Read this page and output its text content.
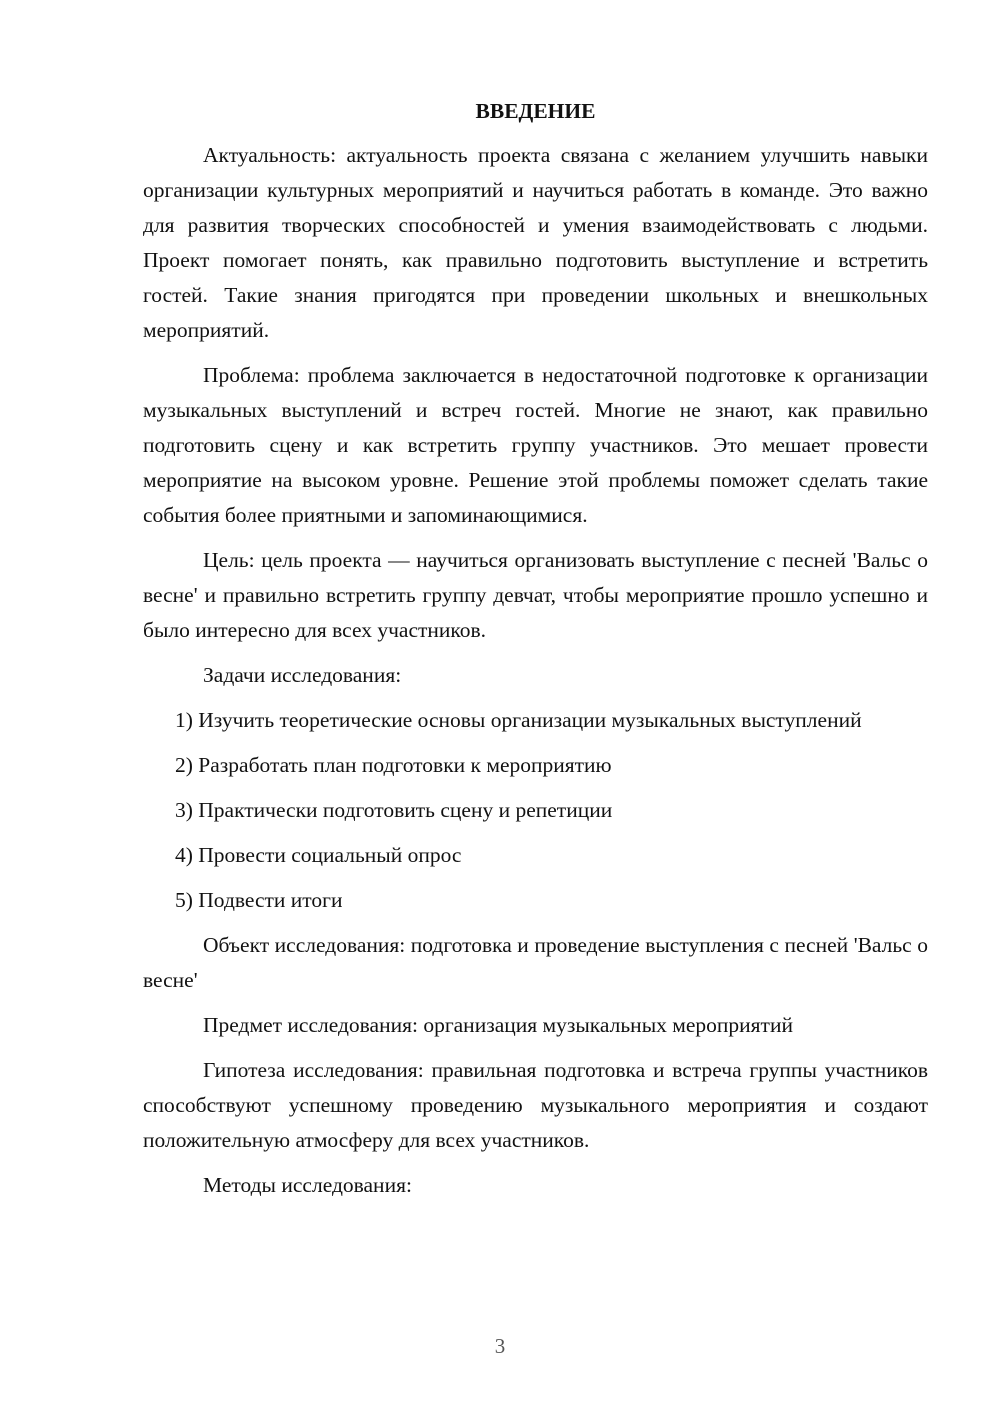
ВВЕДЕНИЕ

Актуальность: актуальность проекта связана с желанием улучшить навыки организации культурных мероприятий и научиться работать в команде. Это важно для развития творческих способностей и умения взаимодействовать с людьми. Проект помогает понять, как правильно подготовить выступление и встретить гостей. Такие знания пригодятся при проведении школьных и внешкольных мероприятий.

Проблема: проблема заключается в недостаточной подготовке к организации музыкальных выступлений и встреч гостей. Многие не знают, как правильно подготовить сцену и как встретить группу участников. Это мешает провести мероприятие на высоком уровне. Решение этой проблемы поможет сделать такие события более приятными и запоминающимися.

Цель: цель проекта — научиться организовать выступление с песней 'Вальс о весне' и правильно встретить группу девчат, чтобы мероприятие прошло успешно и было интересно для всех участников.

Задачи исследования:

1) Изучить теоретические основы организации музыкальных выступлений

2) Разработать план подготовки к мероприятию

3) Практически подготовить сцену и репетиции

4) Провести социальный опрос

5) Подвести итоги

Объект исследования: подготовка и проведение выступления с песней 'Вальс о весне'

Предмет исследования: организация музыкальных мероприятий

Гипотеза исследования: правильная подготовка и встреча группы участников способствуют успешному проведению музыкального мероприятия и создают положительную атмосферу для всех участников.

Методы исследования:

3
